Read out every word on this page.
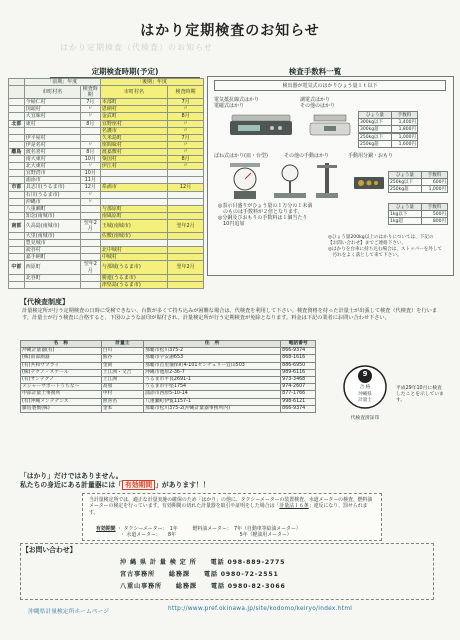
はかり定期検査のお知らせ
はかり定期検査（代検査）のお知らせ
定期検査時期(予定)
	「前期」年度		「後期」年度	
	市町村名	検査時期	市町村名	検査時期
	今帰仁村	7月	本部町	7月
	国頭村	〃	恩納村	〃
	大宜味村	〃	金武町	8月
北部	東村	8月	宜野座村	〃
			名護市	〃
	伊平屋村		久米島町	7月
	伊是名村	〃	座間味村	〃
離島	渡名喜村	8月	渡嘉敷村	〃
	南大東村	10月	粟国村	8月
	北大東村	〃	伊江村	〃
	宜野湾市	10月		
	浦添市	11月		
市部	具志川(うるま市)	12月	糸満市	12月
	石川(うるま市)	〃		
	沖縄市	〃		
	八重瀬町		与那原町	
	知念(南城市)		南風原町	
南部	久高島(南城市)	翌年2月	玉城(南城市)	翌年2月
	大里(南城市)		佐敷(南城市)	
	豊見城市			
	読谷村		北中城村	
	嘉手納町		中城村	
中部	西原町	翌年2月	与那城(うるま市)	翌年2月
	北谷町		勝連(うるま市)	
			津堅島(うるま市)	
検査手数料一覧
検出器が電気式のはかりひょう量１ｔ以下
電気抵抗線式はかり
電磁式はかり
調電式はかり
その他のはかり
ひょう量	手数料
300kg以下	1,400円
300kg超	1,800円
250kg以下	1,000円
250kg超	1,600円
ばね式はかり(皿・台型)	その他の手動はかり	手動用分銅・おもり
ひょう量	手数料
250kg以下	600円
250kg超	1,000円
◎表示目盛りがひょう量の１万分の１未満
　のものは手数料が２倍となります。
◎分銅及びおもりの手数料は１個当たり
　10円追加
ひょう量	手数料
1kg以下	500円
1kg超	800円
◎ひょう量200kg以上のはかりについては、下記の
【お問い合わせ】までご連絡下さい。
◎はかりを台車に持ち込む場合は、ストッパーを外して
　汚れをよく落として来て下さい。
【代検査制度】
計量検定所が行う定期検査の日時に受検できない、台数が多くて持ち込みが困難な場合は、代検査を利用して下さい。検査資格を持った計量士が出張して検査（代検査）を行います。計量士が行う検査に合格すると、下図のような証印が貼付され、計量検定所が行う定期検査が免除となります。料金は下記の業者にお問い合わせ下さい。
名　称	計量士	住　所	電話番号
沖縄計量器(有)	白川	那覇市松川375-2	866-9374
(株)南部測器	熊谷	那覇市字安謝653	868-1616
(有)共和サプライ	金岡	那覇市首里儀保町4-101センチュリー宜山503	886-6950
(株)テクノ・スケール	上江洲・又吉	沖縄市池原2-36-7	989-6116
(有)サンテクノ	上江洲	うるま市平良2691-1	973-3468
メジャーサポートうちな〜	高嶺	うるま市宇堅1754	974-2607
中部計量士事務所	中村	浦添市西原5-10-14	877-1766
(有)沖縄メンテナンス	照喜名	八重瀬町伊覧1157-1	998-6121
藤島製衡(株)	金本	那覇市松川375-2(沖縄計量器事務所内)	866-9374
9
合 格
沖縄県
計量士
代検査済証印
平成29年10月に検査
したことを示しています。
「はかり」だけではありません。
私たちの身近にある計量器には「 有効期間 」があります！！
当計量検定所では、適正な計量実施の確保のため「はかり」の他に、タクシーメーターの装置検査、水道メーターの検査、燃料油メーターの検定を行っています。有効期間の切れた計量器を取引や証明をした場合は「計量法１６条」違反になり、罰せられます。
有効期間 ・ タクシーメーター：　1年　　　燃料油メーター：　7年（自動車等給油メーター）
・ 水道メーター：　　8年　　　　　　　　　　　　　5年（軽油用メーター）
【お問い合わせ】
沖 縄 県 計 量 検 定 所　　電話 098-889-2775
宮古事務所　　総務課　　電話 0980-72-2551
八重山事務所　　総務課　　電話 0980-82-3066
沖縄県計量検定所ホームページ	http://www.pref.okinawa.jp/site/kodomo/keiryo/index.html
